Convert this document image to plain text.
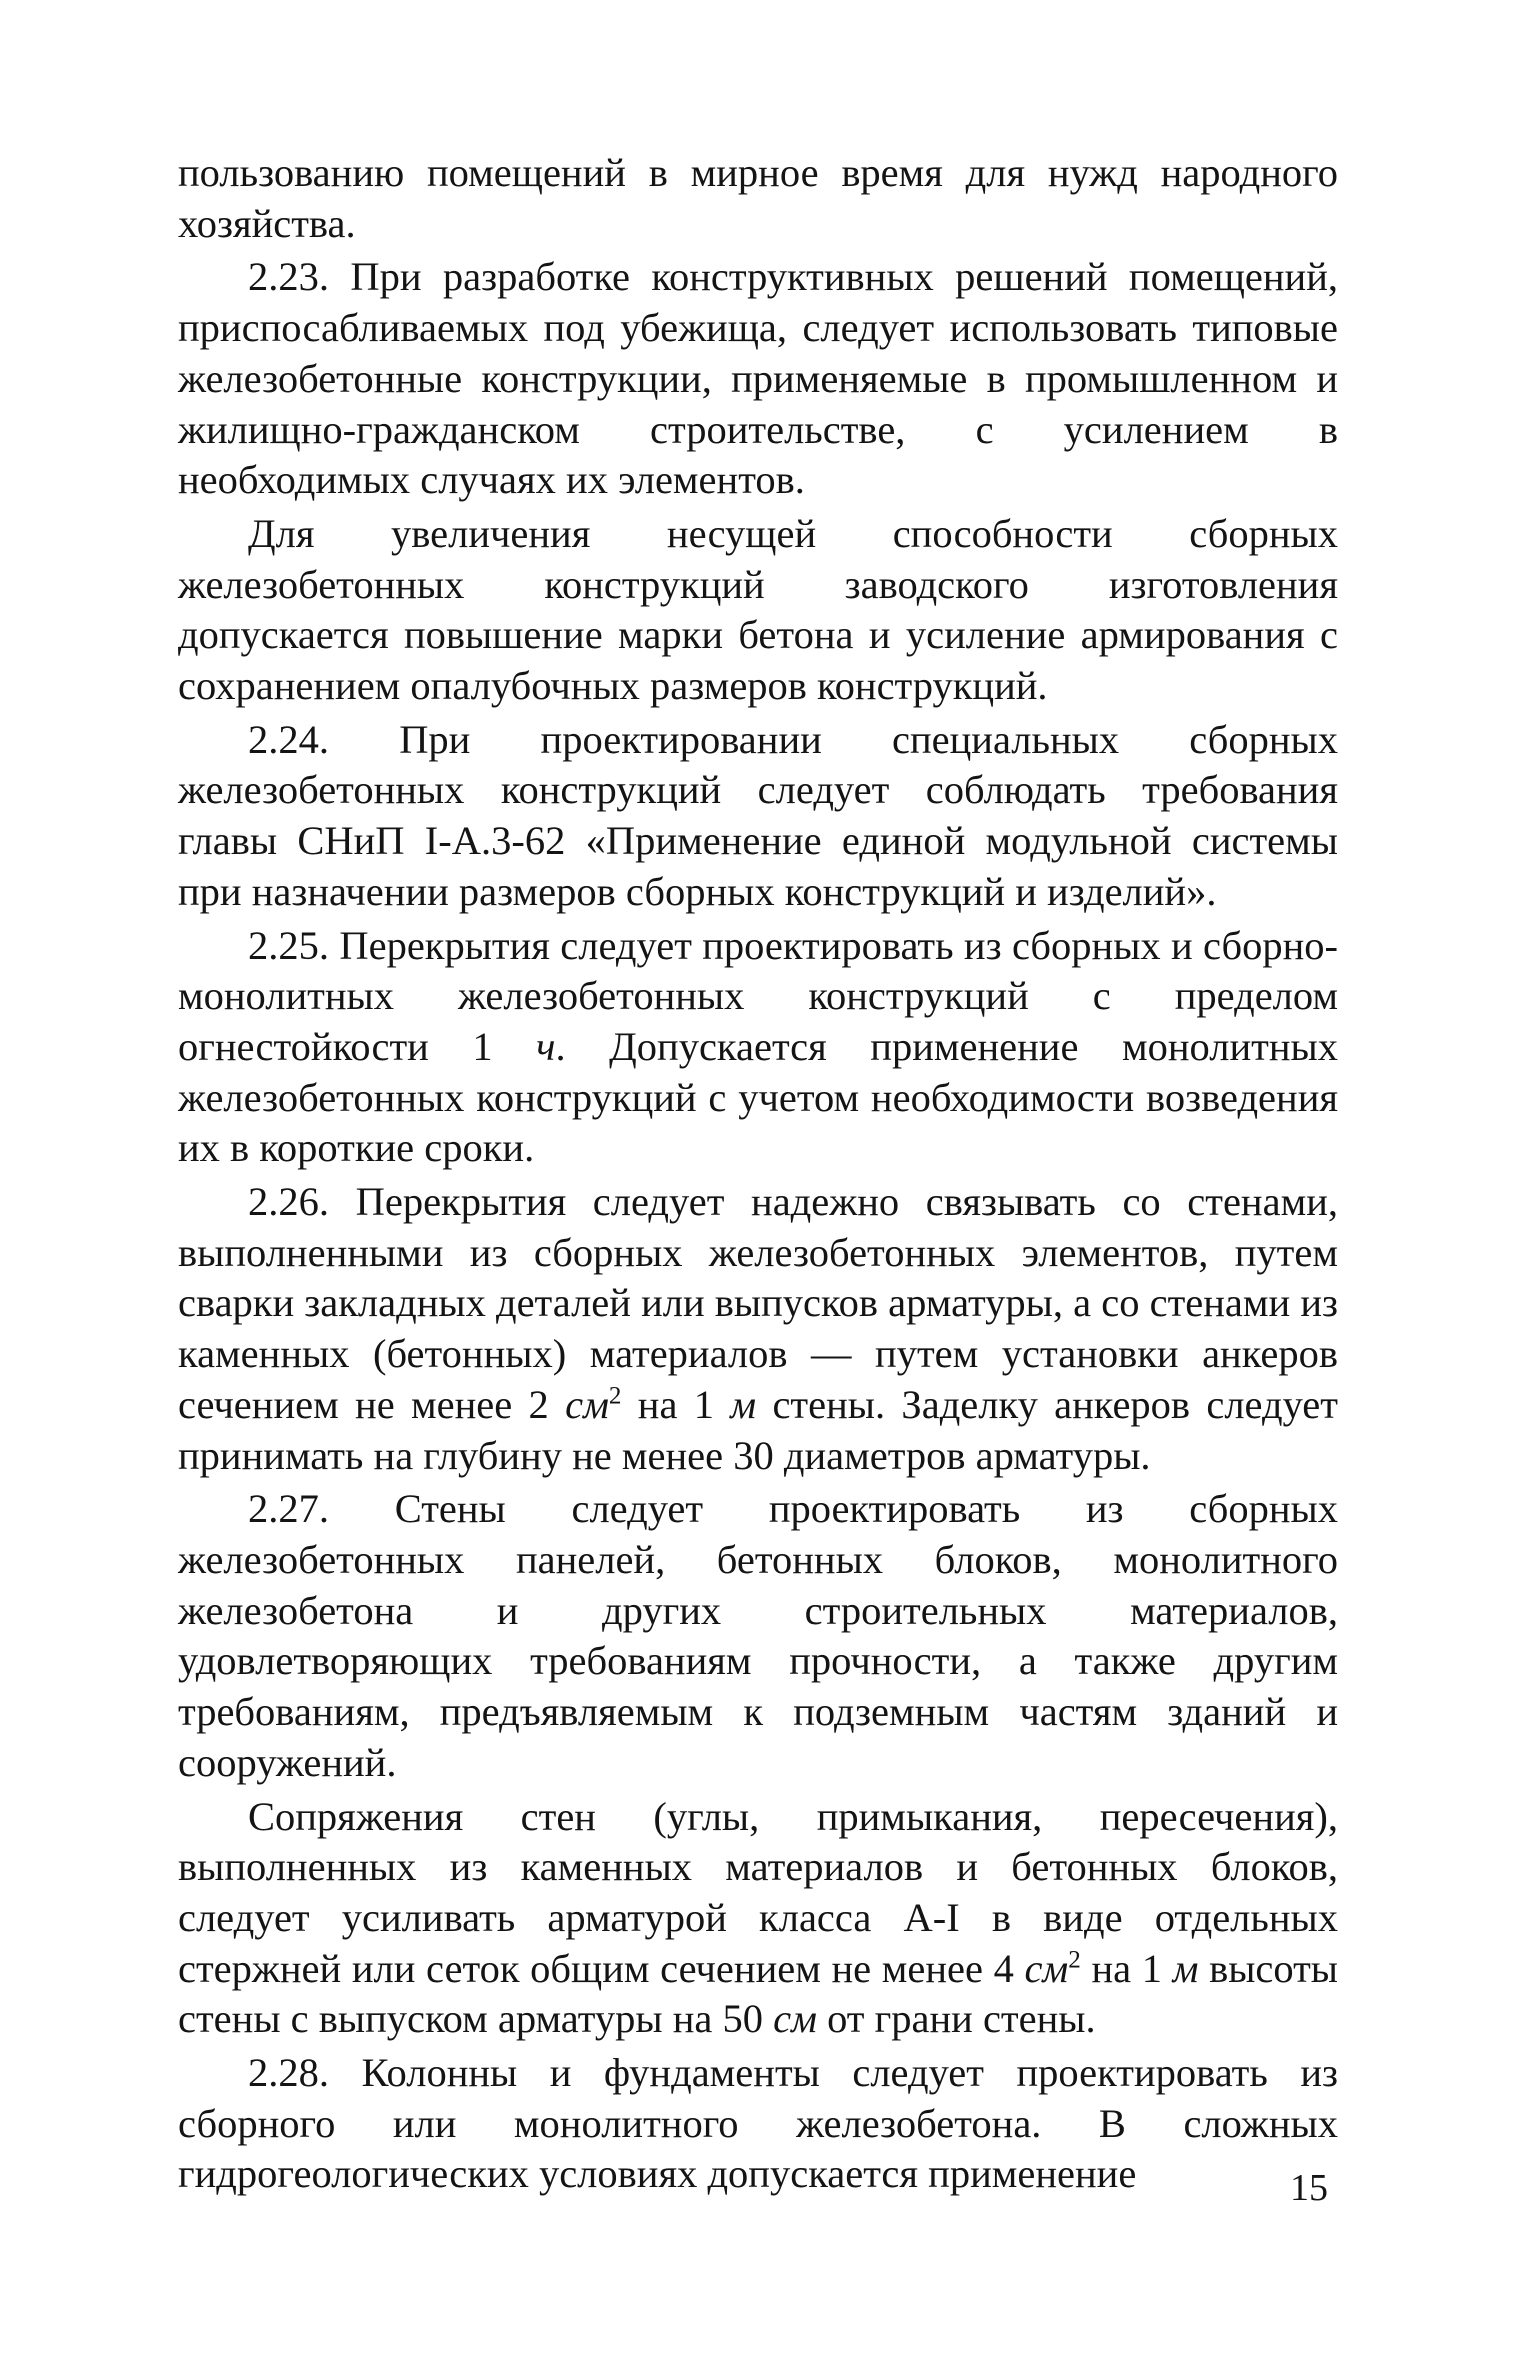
пользованию помещений в мирное время для нужд народного хозяйства.

2.23. При разработке конструктивных решений помещений, приспосабливаемых под убежища, следует использовать типовые железобетонные конструкции, применяемые в промышленном и жилищно-гражданском строительстве, с усилением в необходимых случаях их элементов.

Для увеличения несущей способности сборных железобетонных конструкций заводского изготовления допускается повышение марки бетона и усиление армирования с сохранением опалубочных размеров конструкций.

2.24. При проектировании специальных сборных железобетонных конструкций следует соблюдать требования главы СНиП I-А.3-62 «Применение единой модульной системы при назначении размеров сборных конструкций и изделий».

2.25. Перекрытия следует проектировать из сборных и сборно-монолитных железобетонных конструкций с пределом огнестойкости 1 ч. Допускается применение монолитных железобетонных конструкций с учетом необходимости возведения их в короткие сроки.

2.26. Перекрытия следует надежно связывать со стенами, выполненными из сборных железобетонных элементов, путем сварки закладных деталей или выпусков арматуры, а со стенами из каменных (бетонных) материалов — путем установки анкеров сечением не менее 2 $см^2$ на 1 м стены. Заделку анкеров следует принимать на глубину не менее 30 диаметров арматуры.

2.27. Стены следует проектировать из сборных железобетонных панелей, бетонных блоков, монолитного железобетона и других строительных материалов, удовлетворяющих требованиям прочности, а также другим требованиям, предъявляемым к подземным частям зданий и сооружений.

Сопряжения стен (углы, примыкания, пересечения), выполненных из каменных материалов и бетонных блоков, следует усиливать арматурой класса А-I в виде отдельных стержней или сеток общим сечением не менее 4 $см^2$ на 1 м высоты стены с выпуском арматуры на 50 см от грани стены.

2.28. Колонны и фундаменты следует проектировать из сборного или монолитного железобетона. В сложных гидрогеологических условиях допускается применение	15
